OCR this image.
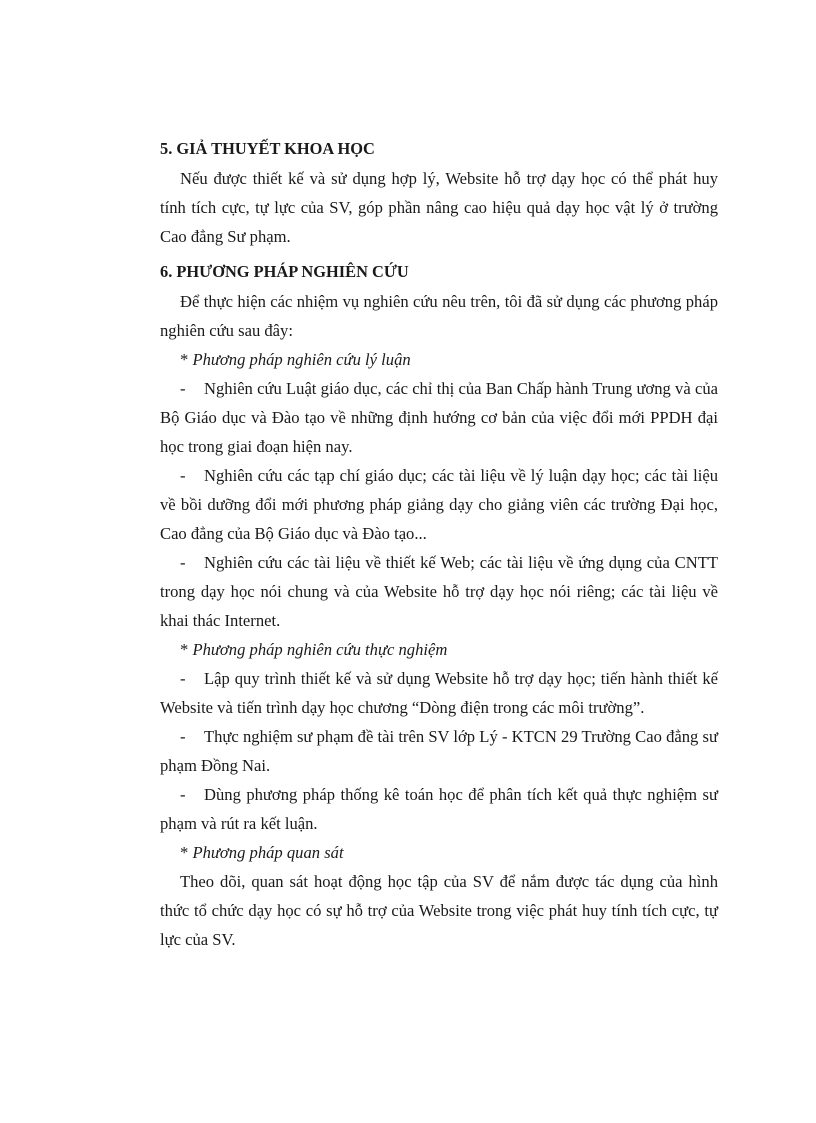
5. GIẢ THUYẾT KHOA HỌC

Nếu được thiết kế và sử dụng hợp lý, Website hỗ trợ dạy học có thể phát huy tính tích cực, tự lực của SV, góp phần nâng cao hiệu quả dạy học vật lý ở trường Cao đẳng Sư phạm.

6. PHƯƠNG PHÁP NGHIÊN CỨU

Để thực hiện các nhiệm vụ nghiên cứu nêu trên, tôi đã sử dụng các phương pháp nghiên cứu sau đây:

* Phương pháp nghiên cứu lý luận

- Nghiên cứu Luật giáo dục, các chỉ thị của Ban Chấp hành Trung ương và của Bộ Giáo dục và Đào tạo về những định hướng cơ bản của việc đổi mới PPDH đại học trong giai đoạn hiện nay.

- Nghiên cứu các tạp chí giáo dục; các tài liệu về lý luận dạy học; các tài liệu về bồi dưỡng đổi mới phương pháp giảng dạy cho giảng viên các trường Đại học, Cao đẳng của Bộ Giáo dục và Đào tạo...

- Nghiên cứu các tài liệu về thiết kế Web; các tài liệu về ứng dụng của CNTT trong dạy học nói chung và của Website hỗ trợ dạy học nói riêng; các tài liệu về khai thác Internet.

* Phương pháp nghiên cứu thực nghiệm

- Lập quy trình thiết kế và sử dụng Website hỗ trợ dạy học; tiến hành thiết kế Website và tiến trình dạy học chương “Dòng điện trong các môi trường”.

- Thực nghiệm sư phạm đề tài trên SV lớp Lý - KTCN 29 Trường Cao đẳng sư phạm Đồng Nai.

- Dùng phương pháp thống kê toán học để phân tích kết quả thực nghiệm sư phạm và rút ra kết luận.

* Phương pháp quan sát

Theo dõi, quan sát hoạt động học tập của SV để nắm được tác dụng của hình thức tổ chức dạy học có sự hỗ trợ của Website trong việc phát huy tính tích cực, tự lực của SV.
